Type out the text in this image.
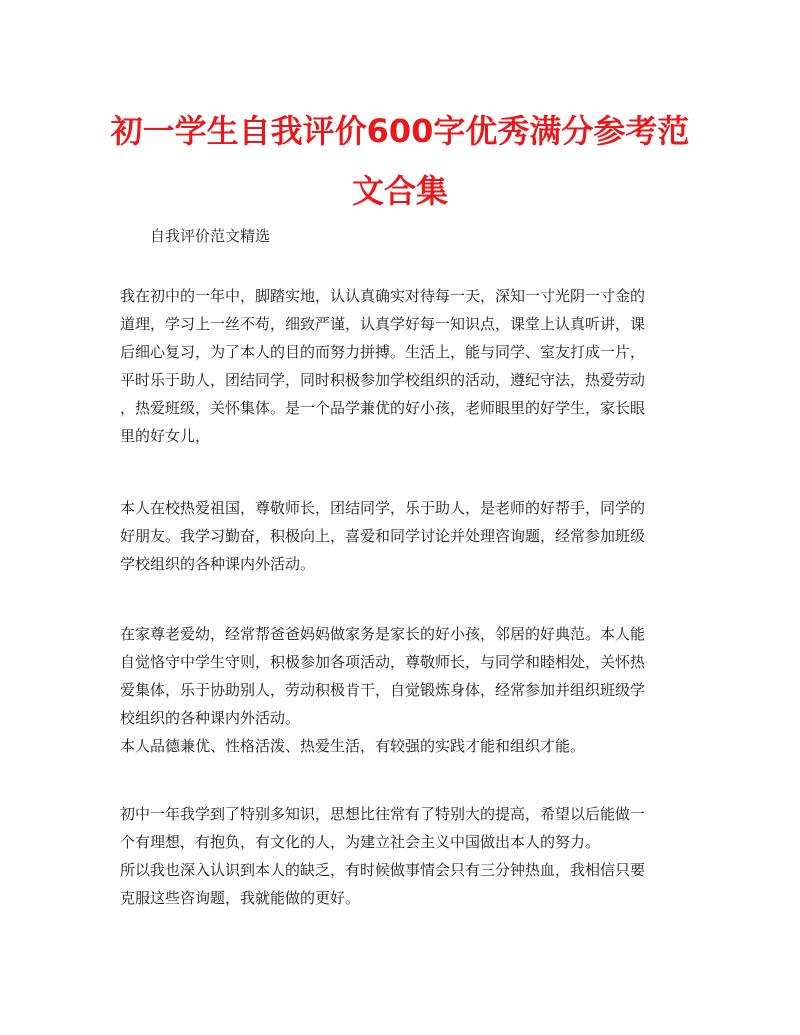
初一学生自我评价600字优秀满分参考范
文合集
自我评价范文精选
我在初中的一年中，脚踏实地，认认真确实对待每一天，深知一寸光阴一寸金的
道理，学习上一丝不苟，细致严谨，认真学好每一知识点，课堂上认真听讲，课
后细心复习，为了本人的目的而努力拼搏。生活上，能与同学、室友打成一片，
平时乐于助人，团结同学，同时积极参加学校组织的活动，遵纪守法，热爱劳动
，热爱班级，关怀集体。是一个品学兼优的好小孩，老师眼里的好学生，家长眼
里的好女儿，
本人在校热爱祖国，尊敬师长，团结同学，乐于助人，是老师的好帮手，同学的
好朋友。我学习勤奋，积极向上，喜爱和同学讨论并处理咨询题，经常参加班级
学校组织的各种课内外活动。
在家尊老爱幼，经常帮爸爸妈妈做家务是家长的好小孩，邻居的好典范。本人能
自觉恪守中学生守则，积极参加各项活动，尊敬师长，与同学和睦相处，关怀热
爱集体，乐于协助别人，劳动积极肯干，自觉锻炼身体，经常参加并组织班级学
校组织的各种课内外活动。
本人品德兼优、性格活泼、热爱生活，有较强的实践才能和组织才能。
初中一年我学到了特别多知识，思想比往常有了特别大的提高，希望以后能做一
个有理想，有抱负，有文化的人，为建立社会主义中国做出本人的努力。
所以我也深入认识到本人的缺乏，有时候做事情会只有三分钟热血，我相信只要
克服这些咨询题，我就能做的更好。
